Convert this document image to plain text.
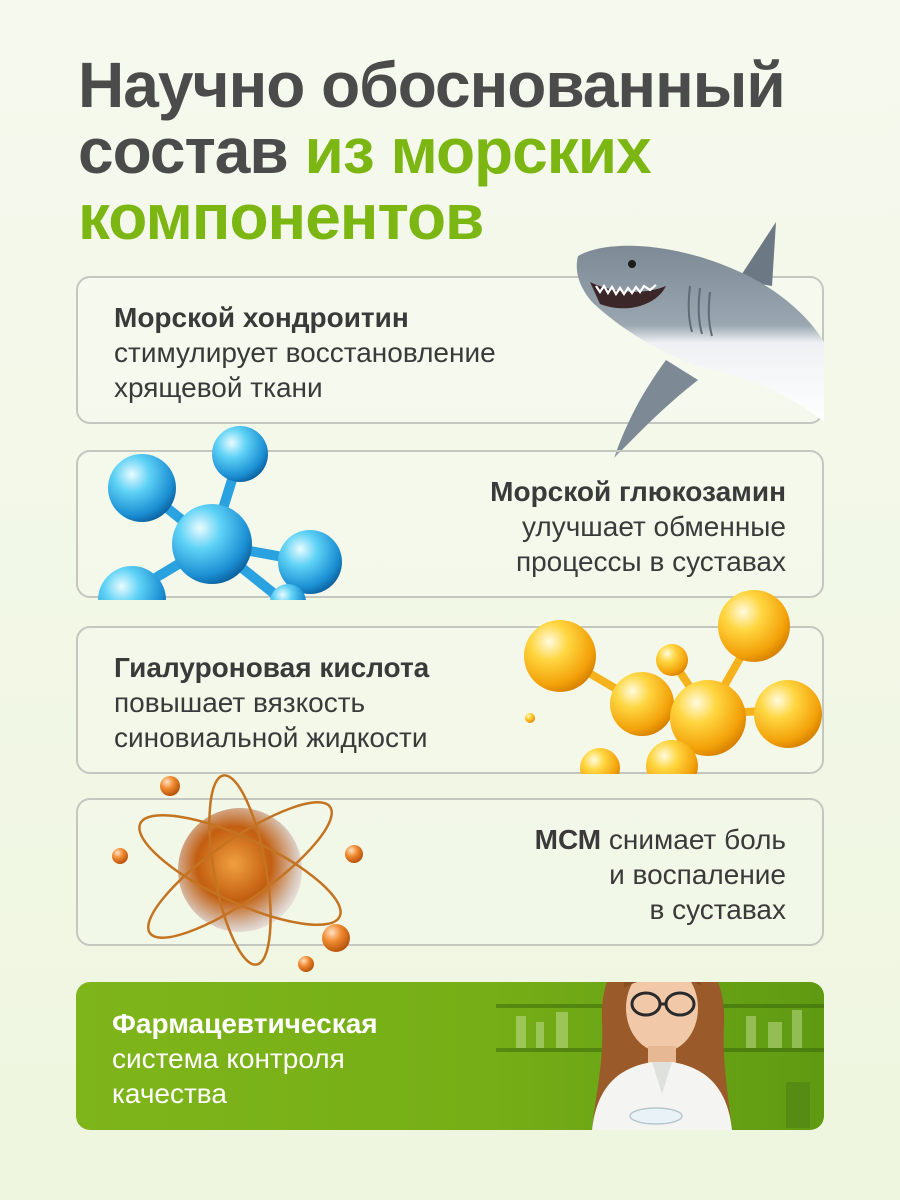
Научно обоснованный
состав из морских
компонентов
Морской хондроитин
стимулирует восстановление
хрящевой ткани
Морской глюкозамин
улучшает обменные
процессы в суставах
Гиалуроновая кислота
повышает вязкость
синовиальной жидкости
МСМ снимает боль
и воспаление
в суставах
Фармацевтическая
система контроля
качества
